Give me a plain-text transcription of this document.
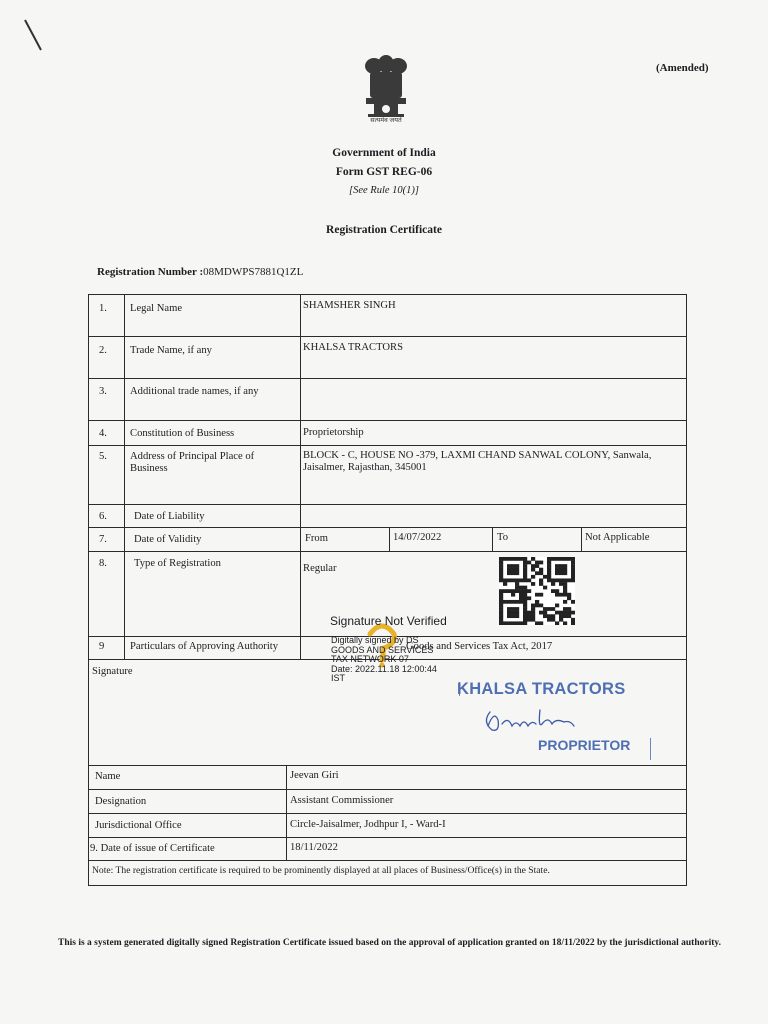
(Amended)
सत्यमेव जयते
Government of India
Form GST REG-06
[See Rule 10(1)]
Registration Certificate
Registration Number :08MDWPS7881Q1ZL
1. Legal Name	SHAMSHER SINGH
2. Trade Name, if any	KHALSA TRACTORS
3. Additional trade names, if any
4. Constitution of Business	Proprietorship
5. Address of Principal Place of Business
BLOCK - C, HOUSE NO -379, LAXMI CHAND SANWAL COLONY, Sanwala, Jaisalmer, Rajasthan, 345001
6.	Date of Liability
7.	Date of Validity	From	14/07/2022	To	Not Applicable
8.	Type of Registration	Regular
9 Particulars of Approving Authority	Goods and Services Tax Act, 2017
Signature
Signature Not Verified
Digitally signed by DS
GOODS AND SERVICES
TAX NETWORK 07
Date: 2022.11.18 12:00:44
IST
KHALSA TRACTORS
PROPRIETOR
Name	Jeevan Giri
Designation	Assistant Commissioner
Jurisdictional Office	Circle-Jaisalmer, Jodhpur I, - Ward-I
9. Date of issue of Certificate	18/11/2022
Note: The registration certificate is required to be prominently displayed at all places of Business/Office(s) in the State.
This is a system generated digitally signed Registration Certificate issued based on the approval of application granted on 18/11/2022 by the jurisdictional authority.
